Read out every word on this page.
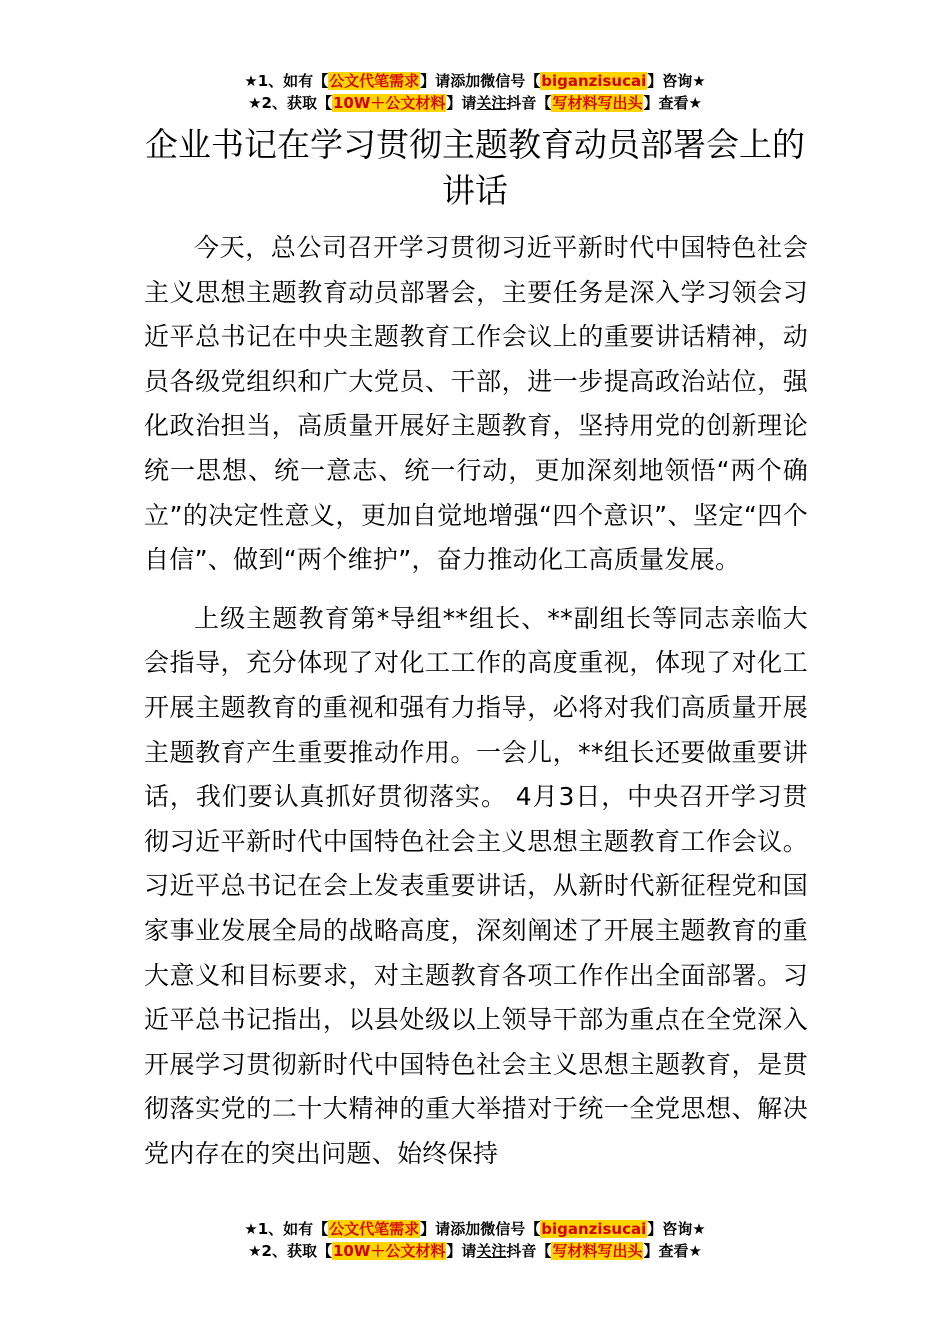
★1、如有【公文代笔需求】请添加微信号【biganzisucai】咨询★
★2、获取【10W＋公文材料】请关注抖音【写材料写出头】查看★
企业书记在学习贯彻主题教育动员部署会上的讲话

今天，总公司召开学习贯彻习近平新时代中国特色社会主义思想主题教育动员部署会，主要任务是深入学习领会习近平总书记在中央主题教育工作会议上的重要讲话精神，动员各级党组织和广大党员、干部，进一步提高政治站位，强化政治担当，高质量开展好主题教育，坚持用党的创新理论统一思想、统一意志、统一行动，更加深刻地领悟“两个确立”的决定性意义，更加自觉地增强“四个意识”、坚定“四个自信”、做到“两个维护”，奋力推动化工高质量发展。

上级主题教育第*导组**组长、**副组长等同志亲临大会指导，充分体现了对化工工作的高度重视，体现了对化工开展主题教育的重视和强有力指导，必将对我们高质量开展主题教育产生重要推动作用。一会儿，**组长还要做重要讲话，我们要认真抓好贯彻落实。 4月3日，中央召开学习贯彻习近平新时代中国特色社会主义思想主题教育工作会议。习近平总书记在会上发表重要讲话，从新时代新征程党和国家事业发展全局的战略高度，深刻阐述了开展主题教育的重大意义和目标要求，对主题教育各项工作作出全面部署。习近平总书记指出，以县处级以上领导干部为重点在全党深入开展学习贯彻新时代中国特色社会主义思想主题教育，是贯彻落实党的二十大精神的重大举措对于统一全党思想、解决党内存在的突出问题、始终保持

★1、如有【公文代笔需求】请添加微信号【biganzisucai】咨询★
★2、获取【10W＋公文材料】请关注抖音【写材料写出头】查看★
